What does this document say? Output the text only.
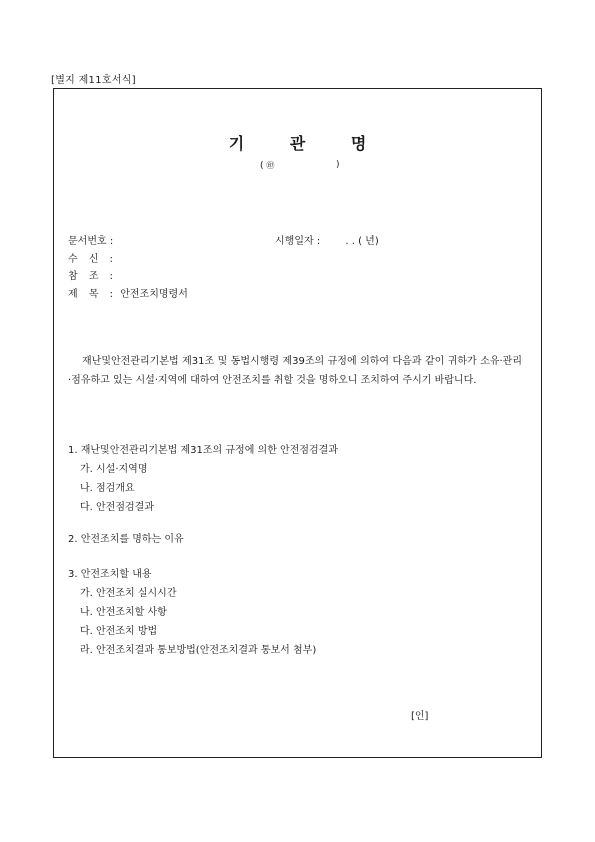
[별지 제11호서식]
기	관	명
( ㊞	)
문서번호 :	시행일자 :	. . ( 년)
수 신 :
참 조 :
제 목 : 안전조치명령서
재난및안전관리기본법 제31조 및 동법시행령 제39조의 규정에 의하여 다음과 같이 귀하가 소유·관리·점유하고 있는 시설·지역에 대하여 안전조치를 취할 것을 명하오니 조치하여 주시기 바랍니다.
1. 재난및안전관리기본법 제31조의 규정에 의한 안전점검결과
가. 시설·지역명
나. 점검개요
다. 안전점검결과
2. 안전조치를 명하는 이유
3. 안전조치할 내용
가. 안전조치 실시시간
나. 안전조치할 사항
다. 안전조치 방법
라. 안전조치결과 통보방법(안전조치결과 통보서 첨부)
[인]
